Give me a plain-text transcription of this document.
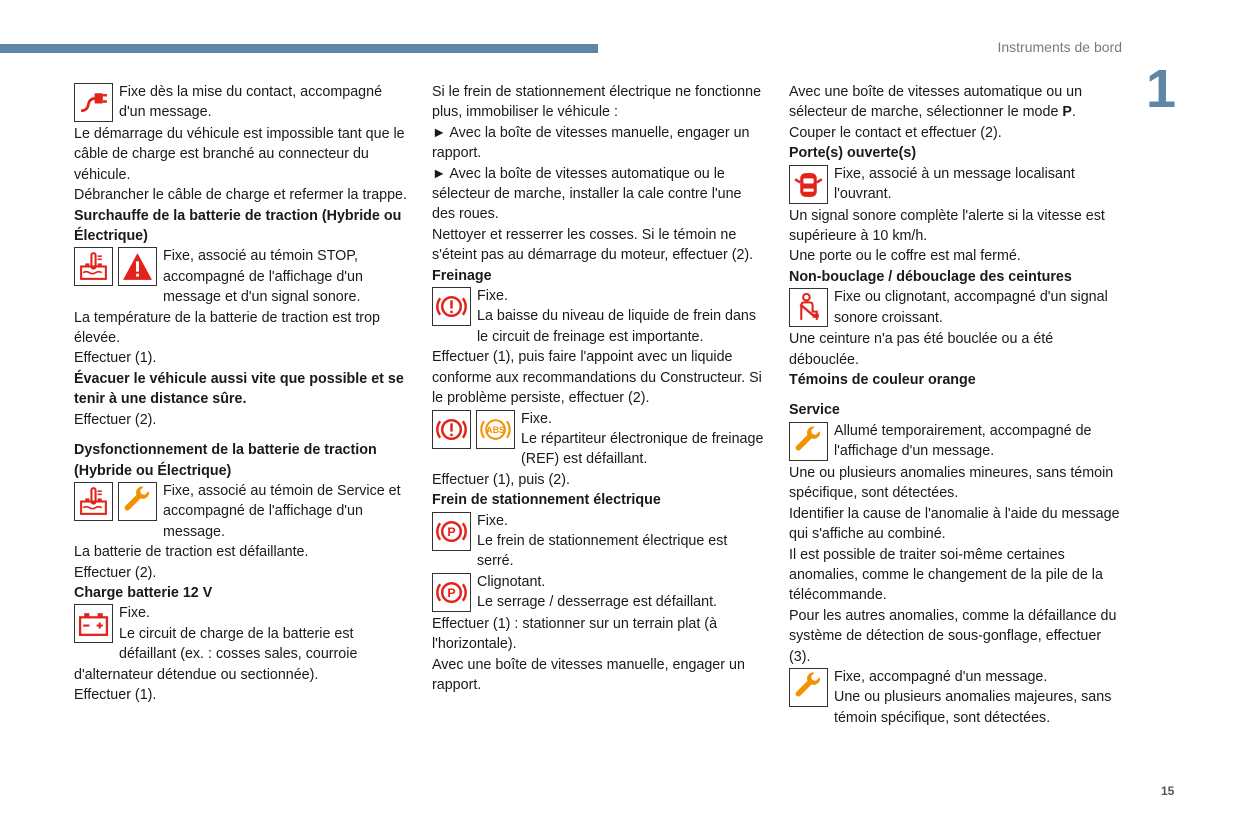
Instruments de bord
1
15

Fixe dès la mise du contact, accompagné d'un message.

Le démarrage du véhicule est impossible tant que le câble de charge est branché au connecteur du véhicule.

Débrancher le câble de charge et refermer la trappe.

Surchauffe de la batterie de traction (Hybride ou Électrique)

Fixe, associé au témoin STOP, accompagné de l'affichage d'un message et d'un signal sonore.

La température de la batterie de traction est trop élevée.

Effectuer (1).

Évacuer le véhicule aussi vite que possible et se tenir à une distance sûre.

Effectuer (2).

Dysfonctionnement de la batterie de traction (Hybride ou Électrique)

Fixe, associé au témoin de Service et accompagné de l'affichage d'un message.

La batterie de traction est défaillante.

Effectuer (2).

Charge batterie 12 V

Fixe.

Le circuit de charge de la batterie est défaillant (ex. : cosses sales, courroie d'alternateur détendue ou sectionnée).

Effectuer (1).

Si le frein de stationnement électrique ne fonctionne plus, immobiliser le véhicule :

► Avec la boîte de vitesses manuelle, engager un rapport.

► Avec la boîte de vitesses automatique ou le sélecteur de marche, installer la cale contre l'une des roues.

Nettoyer et resserrer les cosses. Si le témoin ne s'éteint pas au démarrage du moteur, effectuer (2).

Freinage

Fixe.

La baisse du niveau de liquide de frein dans le circuit de freinage est importante.

Effectuer (1), puis faire l'appoint avec un liquide conforme aux recommandations du Constructeur. Si le problème persiste, effectuer (2).

ABS

Fixe.

Le répartiteur électronique de freinage (REF) est défaillant.

Effectuer (1), puis (2).

Frein de stationnement électrique

P

Fixe.

Le frein de stationnement électrique est serré.

P

Clignotant.

Le serrage / desserrage est défaillant.

Effectuer (1) : stationner sur un terrain plat (à l'horizontale).

Avec une boîte de vitesses manuelle, engager un rapport.

Avec une boîte de vitesses automatique ou un sélecteur de marche, sélectionner le mode P.

Couper le contact et effectuer (2).

Porte(s) ouverte(s)

Fixe, associé à un message localisant l'ouvrant.

Un signal sonore complète l'alerte si la vitesse est supérieure à 10 km/h.

Une porte ou le coffre est mal fermé.

Non-bouclage / débouclage des ceintures

Fixe ou clignotant, accompagné d'un signal sonore croissant.

Une ceinture n'a pas été bouclée ou a été débouclée.

Témoins de couleur orange

Service

Allumé temporairement, accompagné de l'affichage d'un message.

Une ou plusieurs anomalies mineures, sans témoin spécifique, sont détectées.

Identifier la cause de l'anomalie à l'aide du message qui s'affiche au combiné.

Il est possible de traiter soi-même certaines anomalies, comme le changement de la pile de la télécommande.

Pour les autres anomalies, comme la défaillance du système de détection de sous-gonflage, effectuer (3).

Fixe, accompagné d'un message.

Une ou plusieurs anomalies majeures, sans témoin spécifique, sont détectées.
